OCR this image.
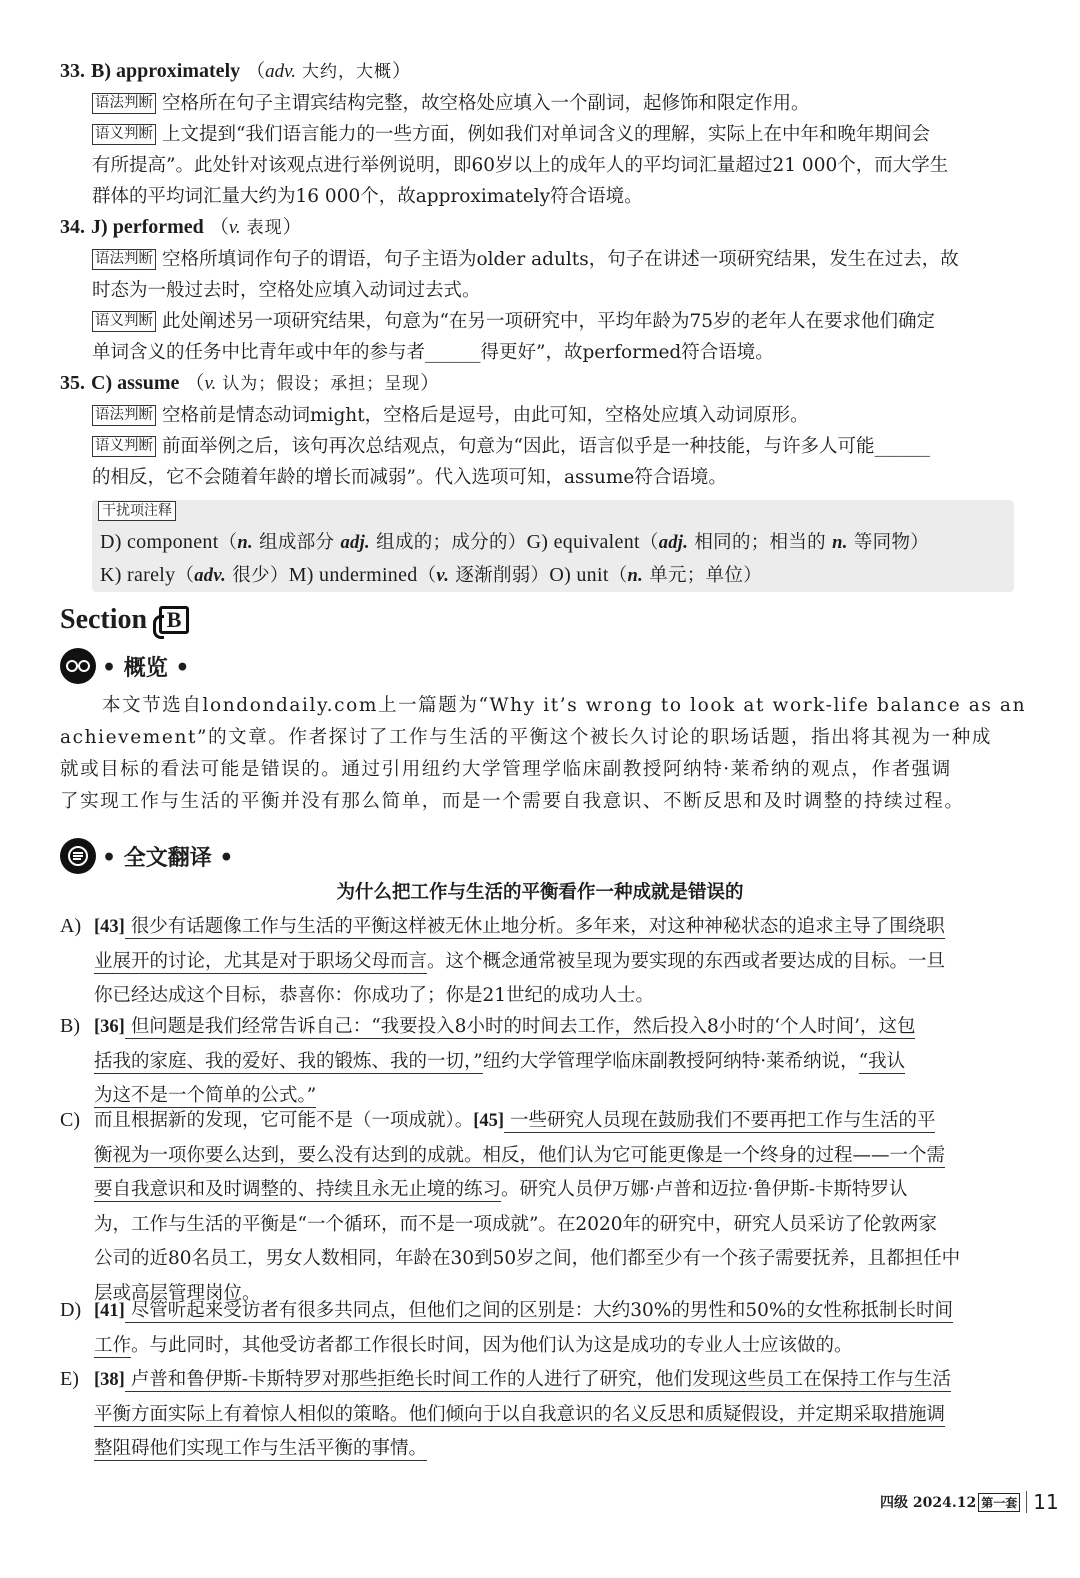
33. B) approximately （adv. 大约，大概）
语法判断 空格所在句子主谓宾结构完整，故空格处应填入一个副词，起修饰和限定作用。
语义判断 上文提到“我们语言能力的一些方面，例如我们对单词含义的理解，实际上在中年和晚年期间会
有所提高”。此处针对该观点进行举例说明，即60岁以上的成年人的平均词汇量超过21 000个，而大学生
群体的平均词汇量大约为16 000个，故approximately符合语境。
34. J) performed （v. 表现）
语法判断 空格所填词作句子的谓语，句子主语为older adults，句子在讲述一项研究结果，发生在过去，故
时态为一般过去时，空格处应填入动词过去式。
语义判断 此处阐述另一项研究结果，句意为“在另一项研究中，平均年龄为75岁的老年人在要求他们确定
单词含义的任务中比青年或中年的参与者______得更好”，故performed符合语境。
35. C) assume （v. 认为；假设；承担；呈现）
语法判断 空格前是情态动词might，空格后是逗号，由此可知，空格处应填入动词原形。
语义判断 前面举例之后，该句再次总结观点，句意为“因此，语言似乎是一种技能，与许多人可能______
的相反，它不会随着年龄的增长而减弱”。代入选项可知，assume符合语境。
干扰项注释
D) component（n. 组成部分 adj. 组成的；成分的）G) equivalent（adj. 相同的；相当的 n. 等同物）
K) rarely（adv. 很少）M) undermined（v. 逐渐削弱）O) unit（n. 单元；单位）
Section B
• 概览 •
本文节选自londondaily.com上一篇题为“Why it’s wrong to look at work-life balance as an
achievement”的文章。作者探讨了工作与生活的平衡这个被长久讨论的职场话题，指出将其视为一种成
就或目标的看法可能是错误的。通过引用纽约大学管理学临床副教授阿纳特·莱希纳的观点，作者强调
了实现工作与生活的平衡并没有那么简单，而是一个需要自我意识、不断反思和及时调整的持续过程。
• 全文翻译 •
为什么把工作与生活的平衡看作一种成就是错误的
A) [43] 很少有话题像工作与生活的平衡这样被无休止地分析。多年来，对这种神秘状态的追求主导了围绕职
业展开的讨论，尤其是对于职场父母而言。这个概念通常被呈现为要实现的东西或者要达成的目标。一旦
你已经达成这个目标，恭喜你：你成功了；你是21世纪的成功人士。
B) [36] 但问题是我们经常告诉自己：“我要投入8小时的时间去工作，然后投入8小时的‘个人时间’，这包
括我的家庭、我的爱好、我的锻炼、我的一切，”纽约大学管理学临床副教授阿纳特·莱希纳说，“我认
为这不是一个简单的公式。”
C) 而且根据新的发现，它可能不是（一项成就）。[45] 一些研究人员现在鼓励我们不要再把工作与生活的平
衡视为一项你要么达到，要么没有达到的成就。相反，他们认为它可能更像是一个终身的过程——一个需
要自我意识和及时调整的、持续且永无止境的练习。研究人员伊万娜·卢普和迈拉·鲁伊斯-卡斯特罗认
为，工作与生活的平衡是“一个循环，而不是一项成就”。在2020年的研究中，研究人员采访了伦敦两家
公司的近80名员工，男女人数相同，年龄在30到50岁之间，他们都至少有一个孩子需要抚养，且都担任中
层或高层管理岗位。
D) [41] 尽管听起来受访者有很多共同点，但他们之间的区别是：大约30%的男性和50%的女性称抵制长时间
工作。与此同时，其他受访者都工作很长时间，因为他们认为这是成功的专业人士应该做的。
E) [38] 卢普和鲁伊斯-卡斯特罗对那些拒绝长时间工作的人进行了研究，他们发现这些员工在保持工作与生活
平衡方面实际上有着惊人相似的策略。他们倾向于以自我意识的名义反思和质疑假设，并定期采取措施调
整阻碍他们实现工作与生活平衡的事情。
四级 2024.12 第一套 11
